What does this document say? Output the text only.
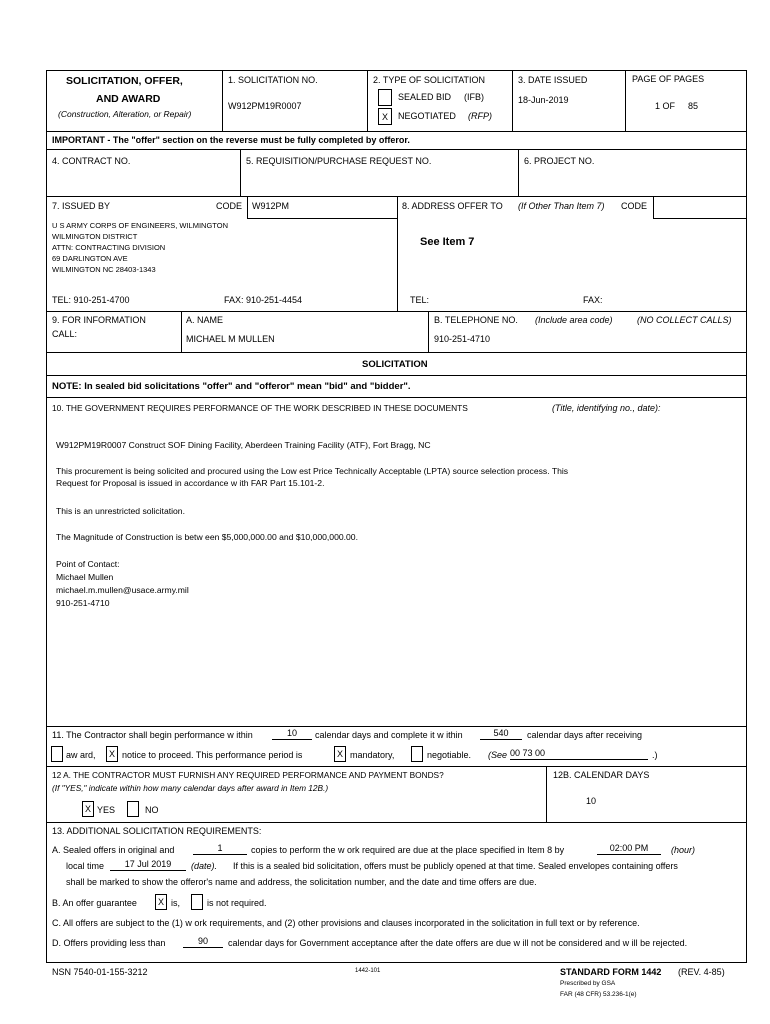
SOLICITATION, OFFER,
AND AWARD
(Construction, Alteration, or Repair)
1. SOLICITATION NO.
W912PM19R0007
2. TYPE OF SOLICITATION
SEALED BID (IFB)
X	NEGOTIATED (RFP)
3. DATE ISSUED
18-Jun-2019
PAGE OF PAGES
1 OF 85
IMPORTANT - The "offer" section on the reverse must be fully completed by offeror.
4. CONTRACT NO.	5. REQUISITION/PURCHASE REQUEST NO.	6. PROJECT NO.
7. ISSUED BY	CODE W912PM
U S ARMY CORPS OF ENGINEERS, WILMINGTON
WILMINGTON DISTRICT
ATTN: CONTRACTING DIVISION
69 DARLINGTON AVE
WILMINGTON NC 28403-1343
TEL: 910-251-4700	FAX: 910-251-4454
8. ADDRESS OFFER TO (If Other Than Item 7) CODE
See Item 7
TEL:	FAX:
9. FOR INFORMATION
CALL:
A. NAME
MICHAEL M MULLEN
B. TELEPHONE NO. (Include area code)	(NO COLLECT CALLS)
910-251-4710
SOLICITATION
NOTE: In sealed bid solicitations "offer" and "offeror" mean "bid" and "bidder".
10. THE GOVERNMENT REQUIRES PERFORMANCE OF THE WORK DESCRIBED IN THESE DOCUMENTS	(Title, identifying no., date):
W912PM19R0007 Construct SOF Dining Facility, Aberdeen Training Facility (ATF), Fort Bragg, NC
This procurement is being solicited and procured using the Low est Price Technically Acceptable (LPTA) source selection process. This
Request for Proposal is issued in accordance w ith FAR Part 15.101-2.
This is an unrestricted solicitation.
The Magnitude of Construction is betw een $5,000,000.00 and $10,000,000.00.
Point of Contact:
Michael Mullen
michael.m.mullen@usace.army.mil
910-251-4710
11. The Contractor shall begin performance w ithin	10	calendar days and complete it w ithin	540	calendar days after receiving
aw ard,	X notice to proceed. This performance period is	X mandatory,	negotiable. (See 00 73 00	.)
12 A. THE CONTRACTOR MUST FURNISH ANY REQUIRED PERFORMANCE AND PAYMENT BONDS?
(If "YES," indicate within how many calendar days after award in Item 12B.)
X YES	NO
12B. CALENDAR DAYS
10
13. ADDITIONAL SOLICITATION REQUIREMENTS:
A. Sealed offers in original and	1	copies to perform the w ork required are due at the place specified in Item 8 by	02:00 PM	(hour)
local time	17 Jul 2019	(date). If this is a sealed bid solicitation, offers must be publicly opened at that time. Sealed envelopes containing offers
shall be marked to show the offeror's name and address, the solicitation number, and the date and time offers are due.
B. An offer guarantee	X is,	is not required.
C. All offers are subject to the (1) w ork requirements, and (2) other provisions and clauses incorporated in the solicitation in full text or by reference.
D. Offers providing less than	90	calendar days for Government acceptance after the date offers are due w ill not be considered and w ill be rejected.
NSN 7540-01-155-3212	1442-101	STANDARD FORM 1442 (REV. 4-85)
Prescribed by GSA
FAR (48 CFR) 53.236-1(e)
